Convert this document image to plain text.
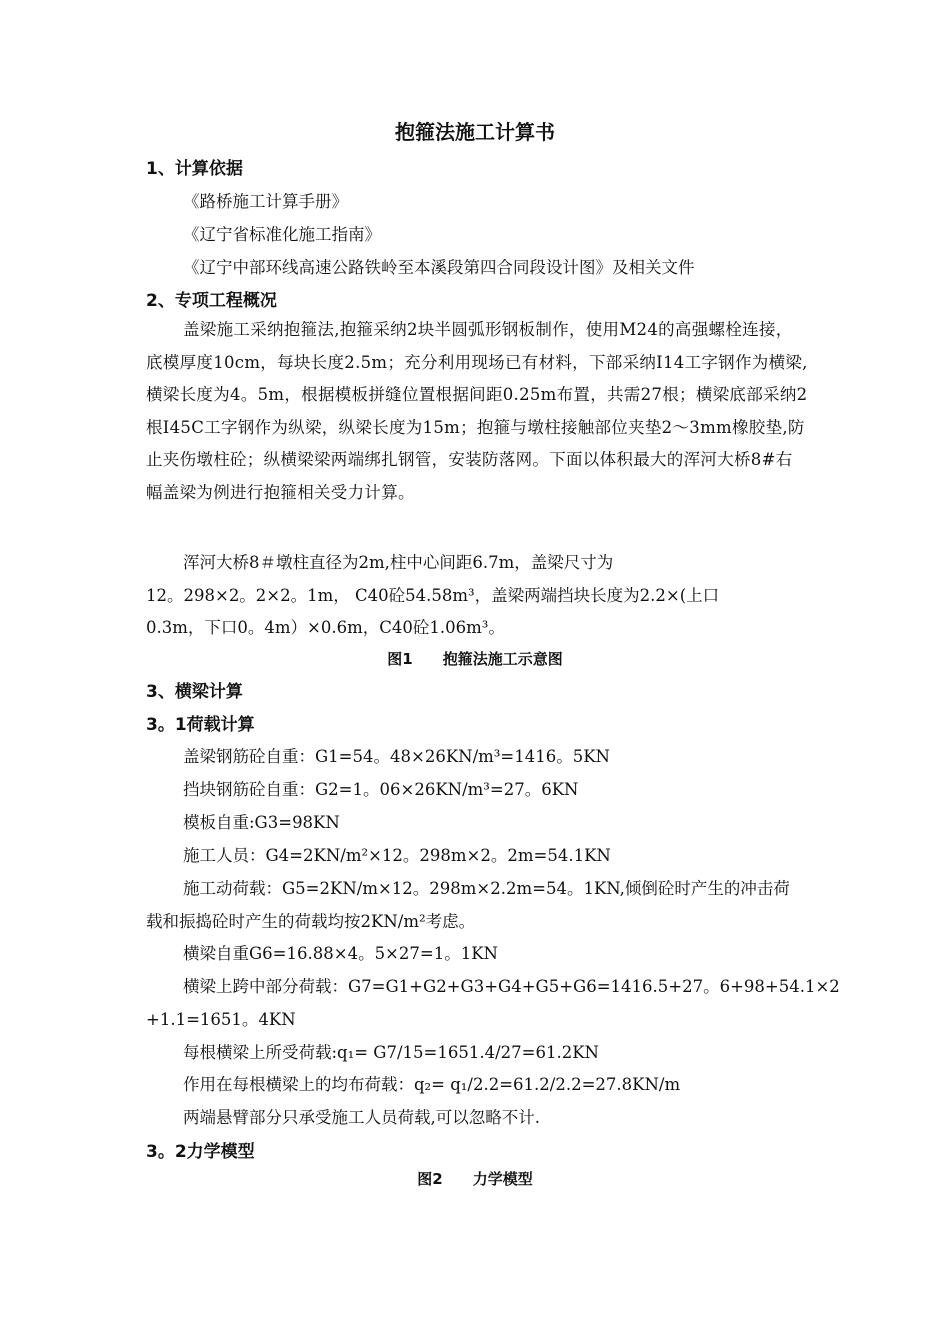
抱箍法施工计算书
1、计算依据
《路桥施工计算手册》
《辽宁省标准化施工指南》
《辽宁中部环线高速公路铁岭至本溪段第四合同段设计图》及相关文件
2、专项工程概况
盖梁施工采纳抱箍法,抱箍采纳2块半圆弧形钢板制作，使用M24的高强螺栓连接，底模厚度10cm，每块长度2.5m；充分利用现场已有材料，下部采纳I14工字钢作为横梁,横梁长度为4。5m，根据模板拼缝位置根据间距0.25m布置，共需27根；横梁底部采纳2根I45C工字钢作为纵梁，纵梁长度为15m；抱箍与墩柱接触部位夹垫2～3mm橡胶垫,防止夹伤墩柱砼；纵横梁梁两端绑扎钢管，安装防落网。下面以体积最大的浑河大桥8#右幅盖梁为例进行抱箍相关受力计算。
浑河大桥8＃墩柱直径为2m,柱中心间距6.7m，盖梁尺寸为
12。298×2。2×2。1m， C40砼54.58m³，盖梁两端挡块长度为2.2×(上口
0.3m，下口0。4m）×0.6m，C40砼1.06m³。
图1　　抱箍法施工示意图
3、横梁计算
3。1荷载计算
盖梁钢筋砼自重：G1=54。48×26KN/m³=1416。5KN
挡块钢筋砼自重：G2=1。06×26KN/m³=27。6KN
模板自重:G3=98KN
施工人员：G4=2KN/m²×12。298m×2。2m=54.1KN
施工动荷载：G5=2KN/m×12。298m×2.2m=54。1KN,倾倒砼时产生的冲击荷
载和振捣砼时产生的荷载均按2KN/m²考虑。
横梁自重G6=16.88×4。5×27=1。1KN
横梁上跨中部分荷载：G7=G1+G2+G3+G4+G5+G6=1416.5+27。6+98+54.1×2
+1.1=1651。4KN
每根横梁上所受荷载:q₁= G7/15=1651.4/27=61.2KN
作用在每根横梁上的均布荷载：q₂= q₁/2.2=61.2/2.2=27.8KN/m
两端悬臂部分只承受施工人员荷载,可以忽略不计.
3。2力学模型
图2　　力学模型
